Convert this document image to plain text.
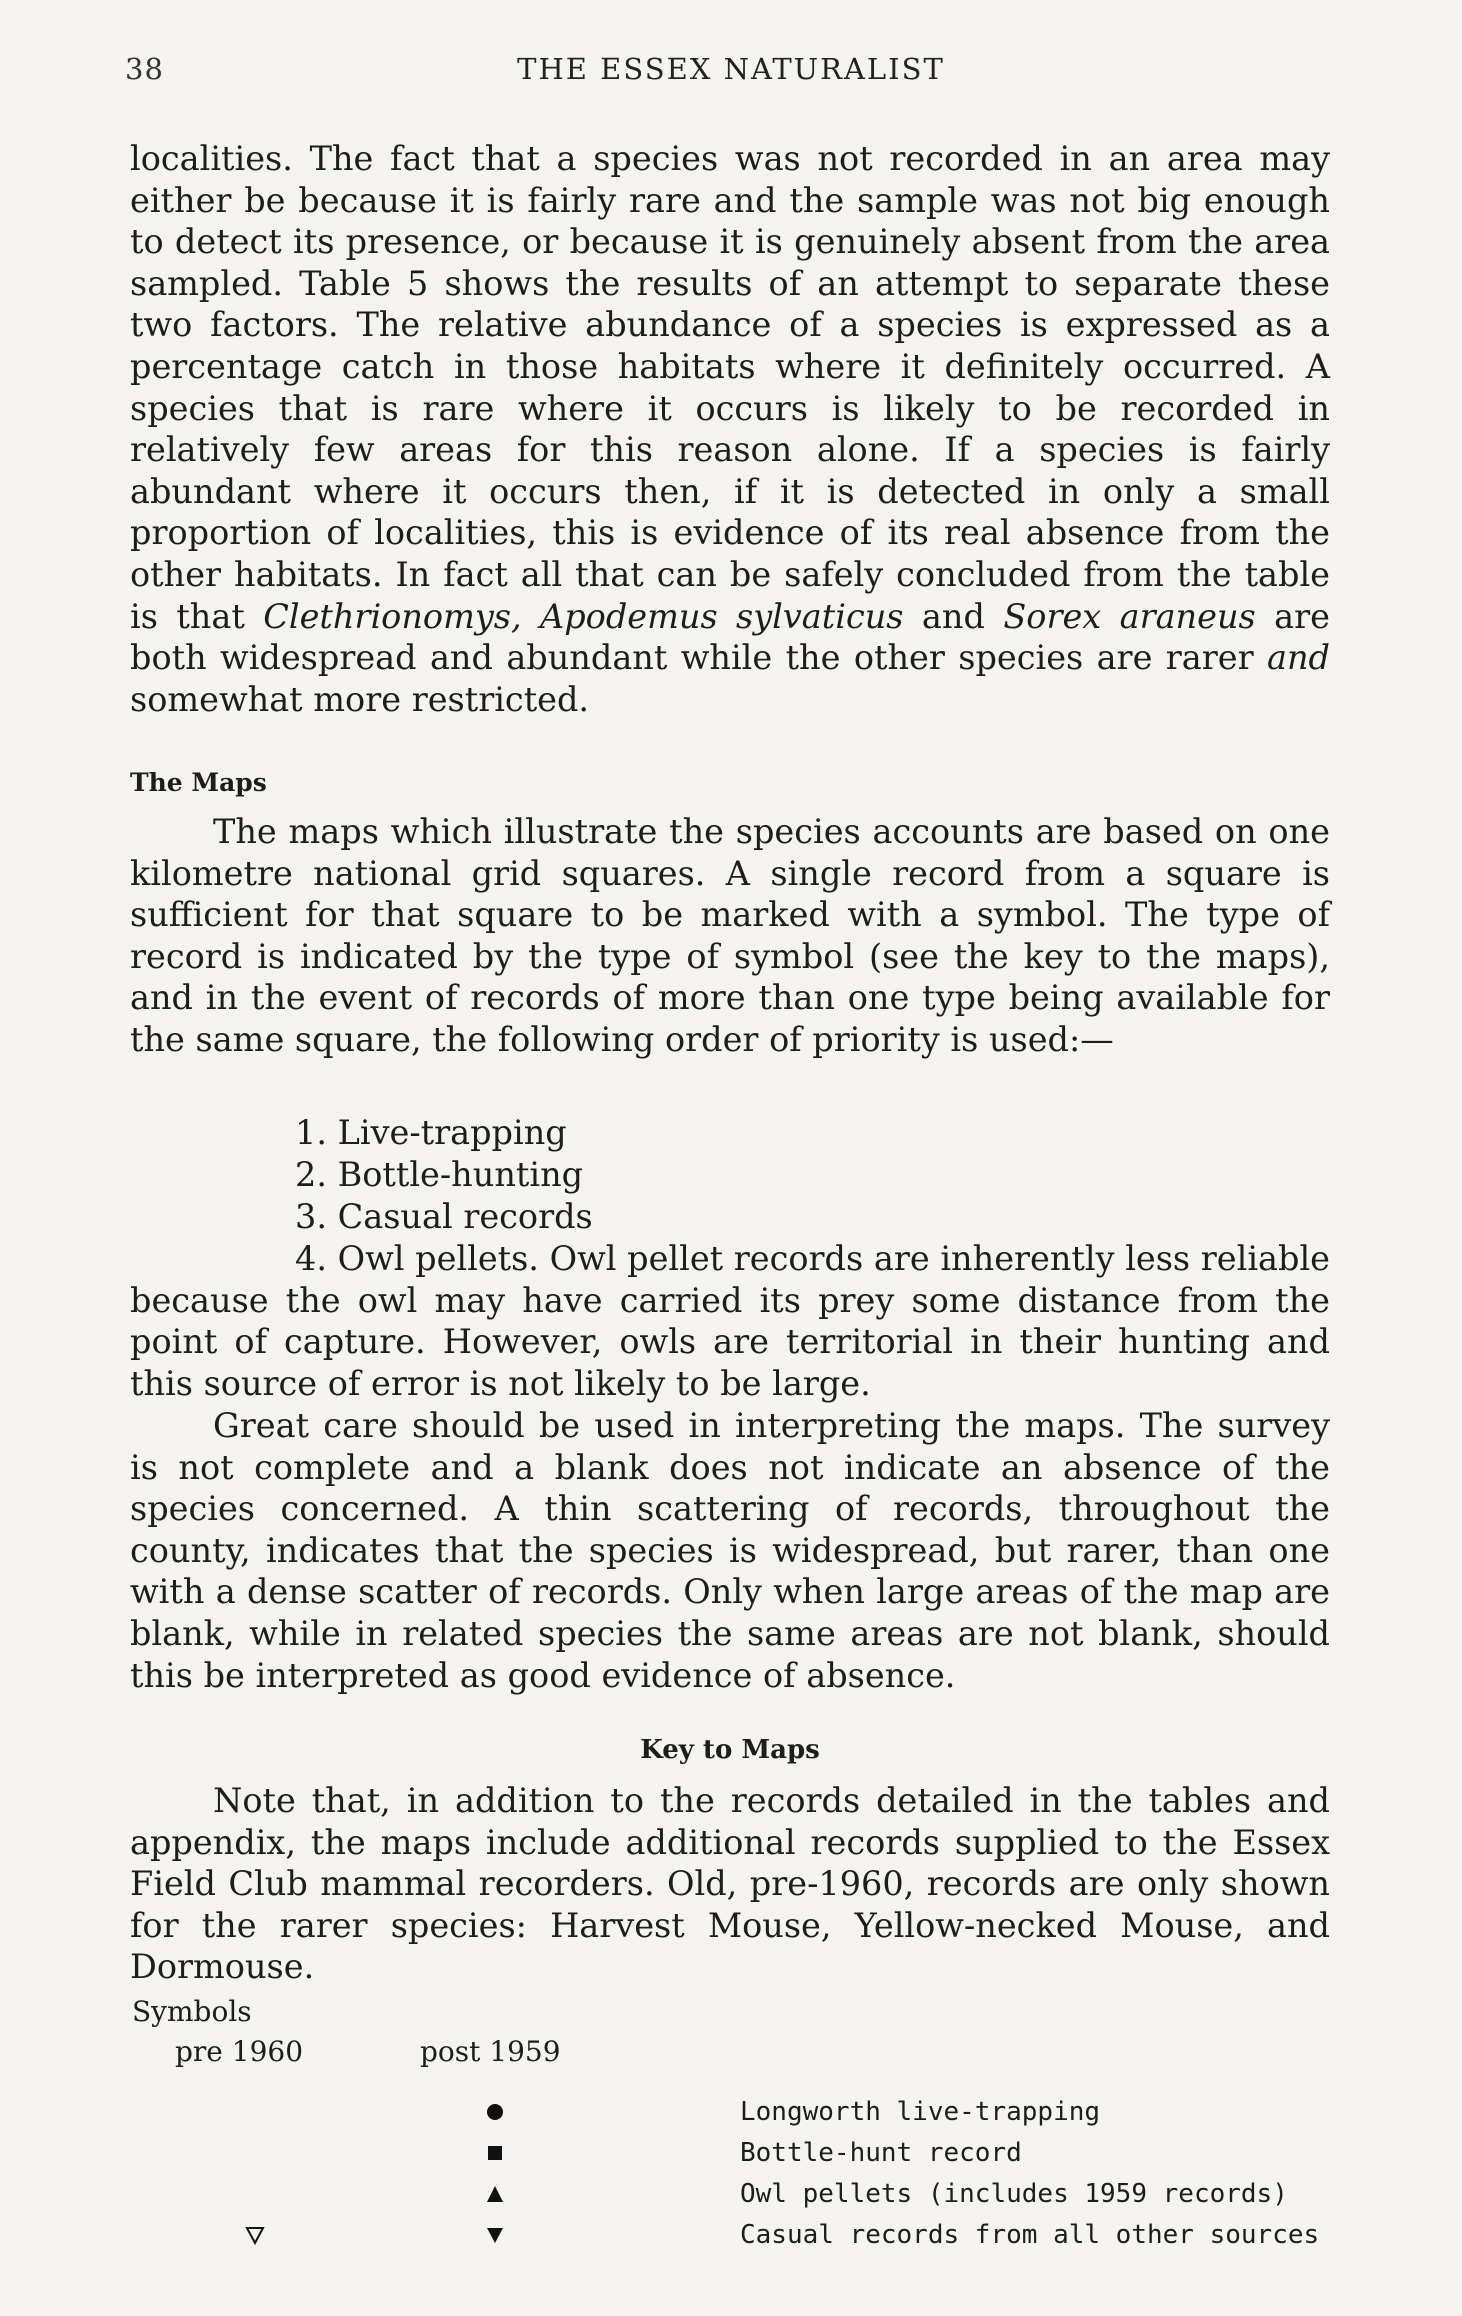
38	THE ESSEX NATURALIST

localities. The fact that a species was not recorded in an area may either be because it is fairly rare and the sample was not big enough to detect its presence, or because it is genuinely absent from the area sampled. Table 5 shows the results of an attempt to separate these two factors. The relative abundance of a species is expressed as a percentage catch in those habitats where it definitely occurred. A species that is rare where it occurs is likely to be recorded in relatively few areas for this reason alone. If a species is fairly abundant where it occurs then, if it is detected in only a small proportion of localities, this is evidence of its real absence from the other habitats. In fact all that can be safely concluded from the table is that Clethrionomys, Apodemus sylvaticus and Sorex araneus are both widespread and abundant while the other species are rarer and somewhat more restricted.

The Maps

The maps which illustrate the species accounts are based on one kilometre national grid squares. A single record from a square is sufficient for that square to be marked with a symbol. The type of record is indicated by the type of symbol (see the key to the maps), and in the event of records of more than one type being available for the same square, the following order of priority is used:—

1. Live-trapping

2. Bottle-hunting

3. Casual records

4. Owl pellets. Owl pellet records are inherently less reliable because the owl may have carried its prey some distance from the point of capture. However, owls are territorial in their hunting and this source of error is not likely to be large.

Great care should be used in interpreting the maps. The survey is not complete and a blank does not indicate an absence of the species concerned. A thin scattering of records, throughout the county, indicates that the species is widespread, but rarer, than one with a dense scatter of records. Only when large areas of the map are blank, while in related species the same areas are not blank, should this be interpreted as good evidence of absence.

Key to Maps

Note that, in addition to the records detailed in the tables and appendix, the maps include additional records supplied to the Essex Field Club mammal recorders. Old, pre-1960, records are only shown for the rarer species: Harvest Mouse, Yellow-necked Mouse, and Dormouse.

Symbols
pre 1960	post 1959
Longworth live-trapping
Bottle-hunt record
Owl pellets (includes 1959 records)
Casual records from all other sources
